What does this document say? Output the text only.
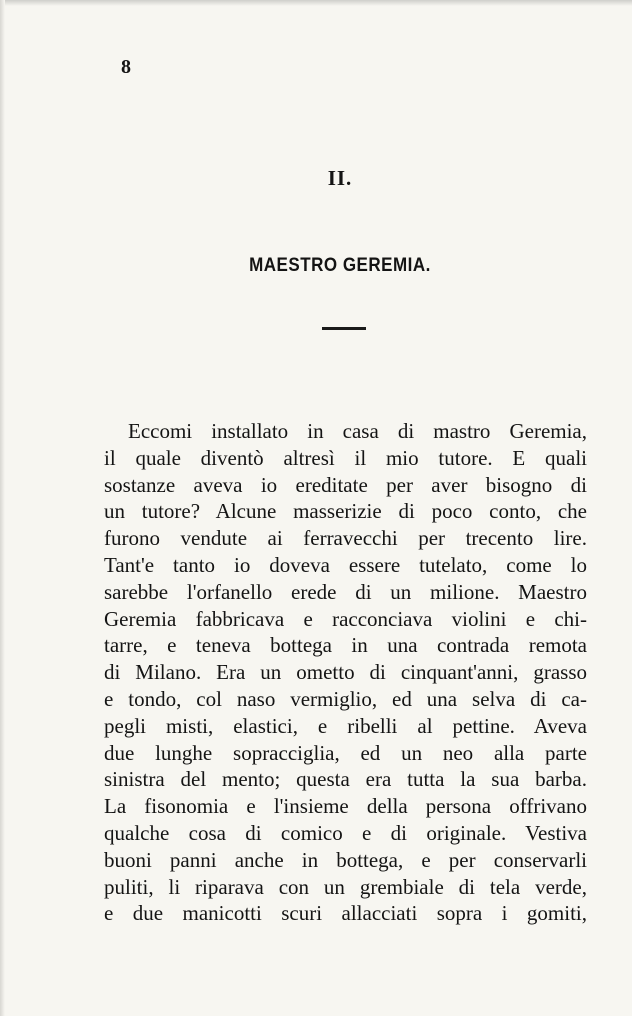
8
II.
MAESTRO GEREMIA.
Eccomi installato in casa di mastro Geremia,
il quale diventò altresì il mio tutore. E quali
sostanze aveva io ereditate per aver bisogno di
un tutore? Alcune masserizie di poco conto, che
furono vendute ai ferravecchi per trecento lire.
Tant'e tanto io doveva essere tutelato, come lo
sarebbe l'orfanello erede di un milione. Maestro
Geremia fabbricava e racconciava violini e chi-
tarre, e teneva bottega in una contrada remota
di Milano. Era un ometto di cinquant'anni, grasso
e tondo, col naso vermiglio, ed una selva di ca-
pegli misti, elastici, e ribelli al pettine. Aveva
due lunghe sopracciglia, ed un neo alla parte
sinistra del mento; questa era tutta la sua barba.
La fisonomia e l'insieme della persona offrivano
qualche cosa di comico e di originale. Vestiva
buoni panni anche in bottega, e per conservarli
puliti, li riparava con un grembiale di tela verde,
e due manicotti scuri allacciati sopra i gomiti,
